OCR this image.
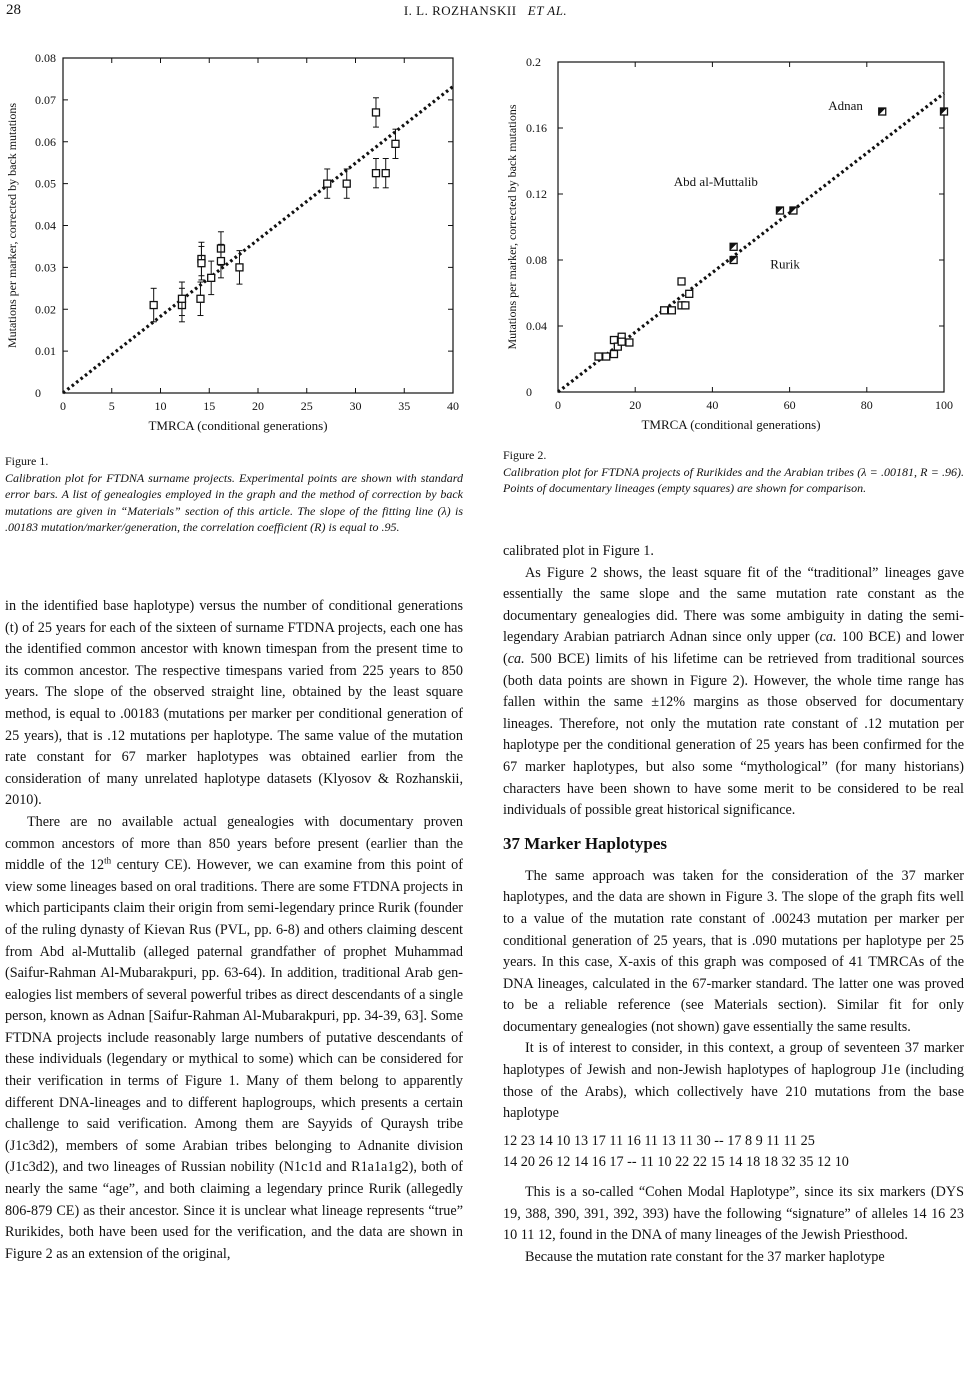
28	I. L. ROZHANSKII ET AL.
0	5	10	15	20	25	30	35	40
0
0.01
0.02
0.03
0.04
0.05
0.06
0.07
0.08
TMRCA (conditional generations)
Mutations per marker, corrected by back mutations
0	20	40	60	80	100
0
0.04
0.08
0.12
0.16
0.2
TMRCA (conditional generations)
Mutations per marker, corrected by back mutations	Adnan
Abd al-Muttalib
Rurik
Figure 1.
Calibration plot for FTDNA surname projects. Experimental points are shown with standard error bars. A list of genealogies employed in the graph and the method of correction by back mutations are given in “Materials” section of this article. The slope of the fitting line (λ) is .00183 mutation/marker/generation, the correlation coefficient (R) is equal to .95.
Figure 2.
Calibration plot for FTDNA projects of Rurikides and the Arabian tribes (λ = .00181, R = .96). Points of documentary lineages (empty squares) are shown for comparison.

in the identified base haplotype) versus the number of conditional generations (t) of 25 years for each of the sixteen of surname FTDNA projects, each one has the identified common ancestor with known timespan from the present time to its common ancestor. The respective timespans varied from 225 years to 850 years. The slope of the observed straight line, obtained by the least square method, is equal to .00183 (mutations per marker per conditional generation of 25 years), that is .12 mutations per haplotype. The same value of the mutation rate constant for 67 marker haplotypes was obtained earlier from the consideration of many unrelated haplotype datasets (Klyosov & Rozhanskii, 2010).

There are no available actual genealogies with documentary proven common ancestors of more than 850 years before present (earlier than the middle of the 12th century CE). However, we can examine from this point of view some lineages based on oral traditions. There are some FTDNA projects in which participants claim their origin from semi-legendary prince Rurik (founder of the ruling dynasty of Kievan Rus (PVL, pp. 6-8) and others claiming descent from Abd al-Muttalib (alleged paternal grandfather of prophet Muhammad (Saifur-Rahman Al-Mubarakpuri, pp. 63-64). In addition, traditional Arab genealogies list members of several powerful tribes as direct descendants of a single person, known as Adnan [Saifur-Rahman Al-Mubarakpuri, pp. 34-39, 63]. Some FTDNA projects include reasonably large numbers of putative descendants of these individuals (legendary or mythical to some) which can be considered for their verification in terms of Figure 1. Many of them belong to apparently different DNA-lineages and to different haplogroups, which presents a certain challenge to said verification. Among them are Sayyids of Quraysh tribe (J1c3d2), members of some Arabian tribes belonging to Adnanite division (J1c3d2), and two lineages of Russian nobility (N1c1d and R1a1a1g2), both of nearly the same “age”, and both claiming a legendary prince Rurik (allegedly 806-879 CE) as their ancestor. Since it is unclear what lineage represents “true” Rurikides, both have been used for the verification, and the data are shown in Figure 2 as an extension of the original,

calibrated plot in Figure 1.

As Figure 2 shows, the least square fit of the “traditional” lineages gave essentially the same slope and the same mutation rate constant as the documentary genealogies did. There was some ambiguity in dating the semi-legendary Arabian patriarch Adnan since only upper (ca. 100 BCE) and lower (ca. 500 BCE) limits of his lifetime can be retrieved from traditional sources (both data points are shown in Figure 2). However, the whole time range has fallen within the same ±12% margins as those observed for documentary lineages. Therefore, not only the mutation rate constant of .12 mutation per haplotype per the conditional generation of 25 years has been confirmed for the 67 marker haplotypes, but also some “mythological” (for many historians) characters have been shown to have some merit to be considered to be real individuals of possible great historical significance.

37 Marker Haplotypes

The same approach was taken for the consideration of the 37 marker haplotypes, and the data are shown in Figure 3. The slope of the graph fits well to a value of the mutation rate constant of .00243 mutation per marker per conditional generation of 25 years, that is .090 mutations per haplotype per 25 years. In this case, X-axis of this graph was composed of 41 TMRCAs of the DNA lineages, calculated in the 67-marker standard. The latter one was proved to be a reliable reference (see Materials section). Similar fit for only documentary genealogies (not shown) gave essentially the same results.

It is of interest to consider, in this context, a group of seventeen 37 marker haplotypes of Jewish and non-Jewish haplotypes of haplogroup J1e (including those of the Arabs), which collectively have 210 mutations from the base haplotype

12 23 14 10 13 17 11 16 11 13 11 30 -- 17 8 9 11 11 25
14 20 26 12 14 16 17 -- 11 10 22 22 15 14 18 18 32 35 12 10

This is a so-called “Cohen Modal Haplotype”, since its six markers (DYS 19, 388, 390, 391, 392, 393) have the following “signature” of alleles 14 16 23 10 11 12, found in the DNA of many lineages of the Jewish Priesthood.

Because the mutation rate constant for the 37 marker haplotype
